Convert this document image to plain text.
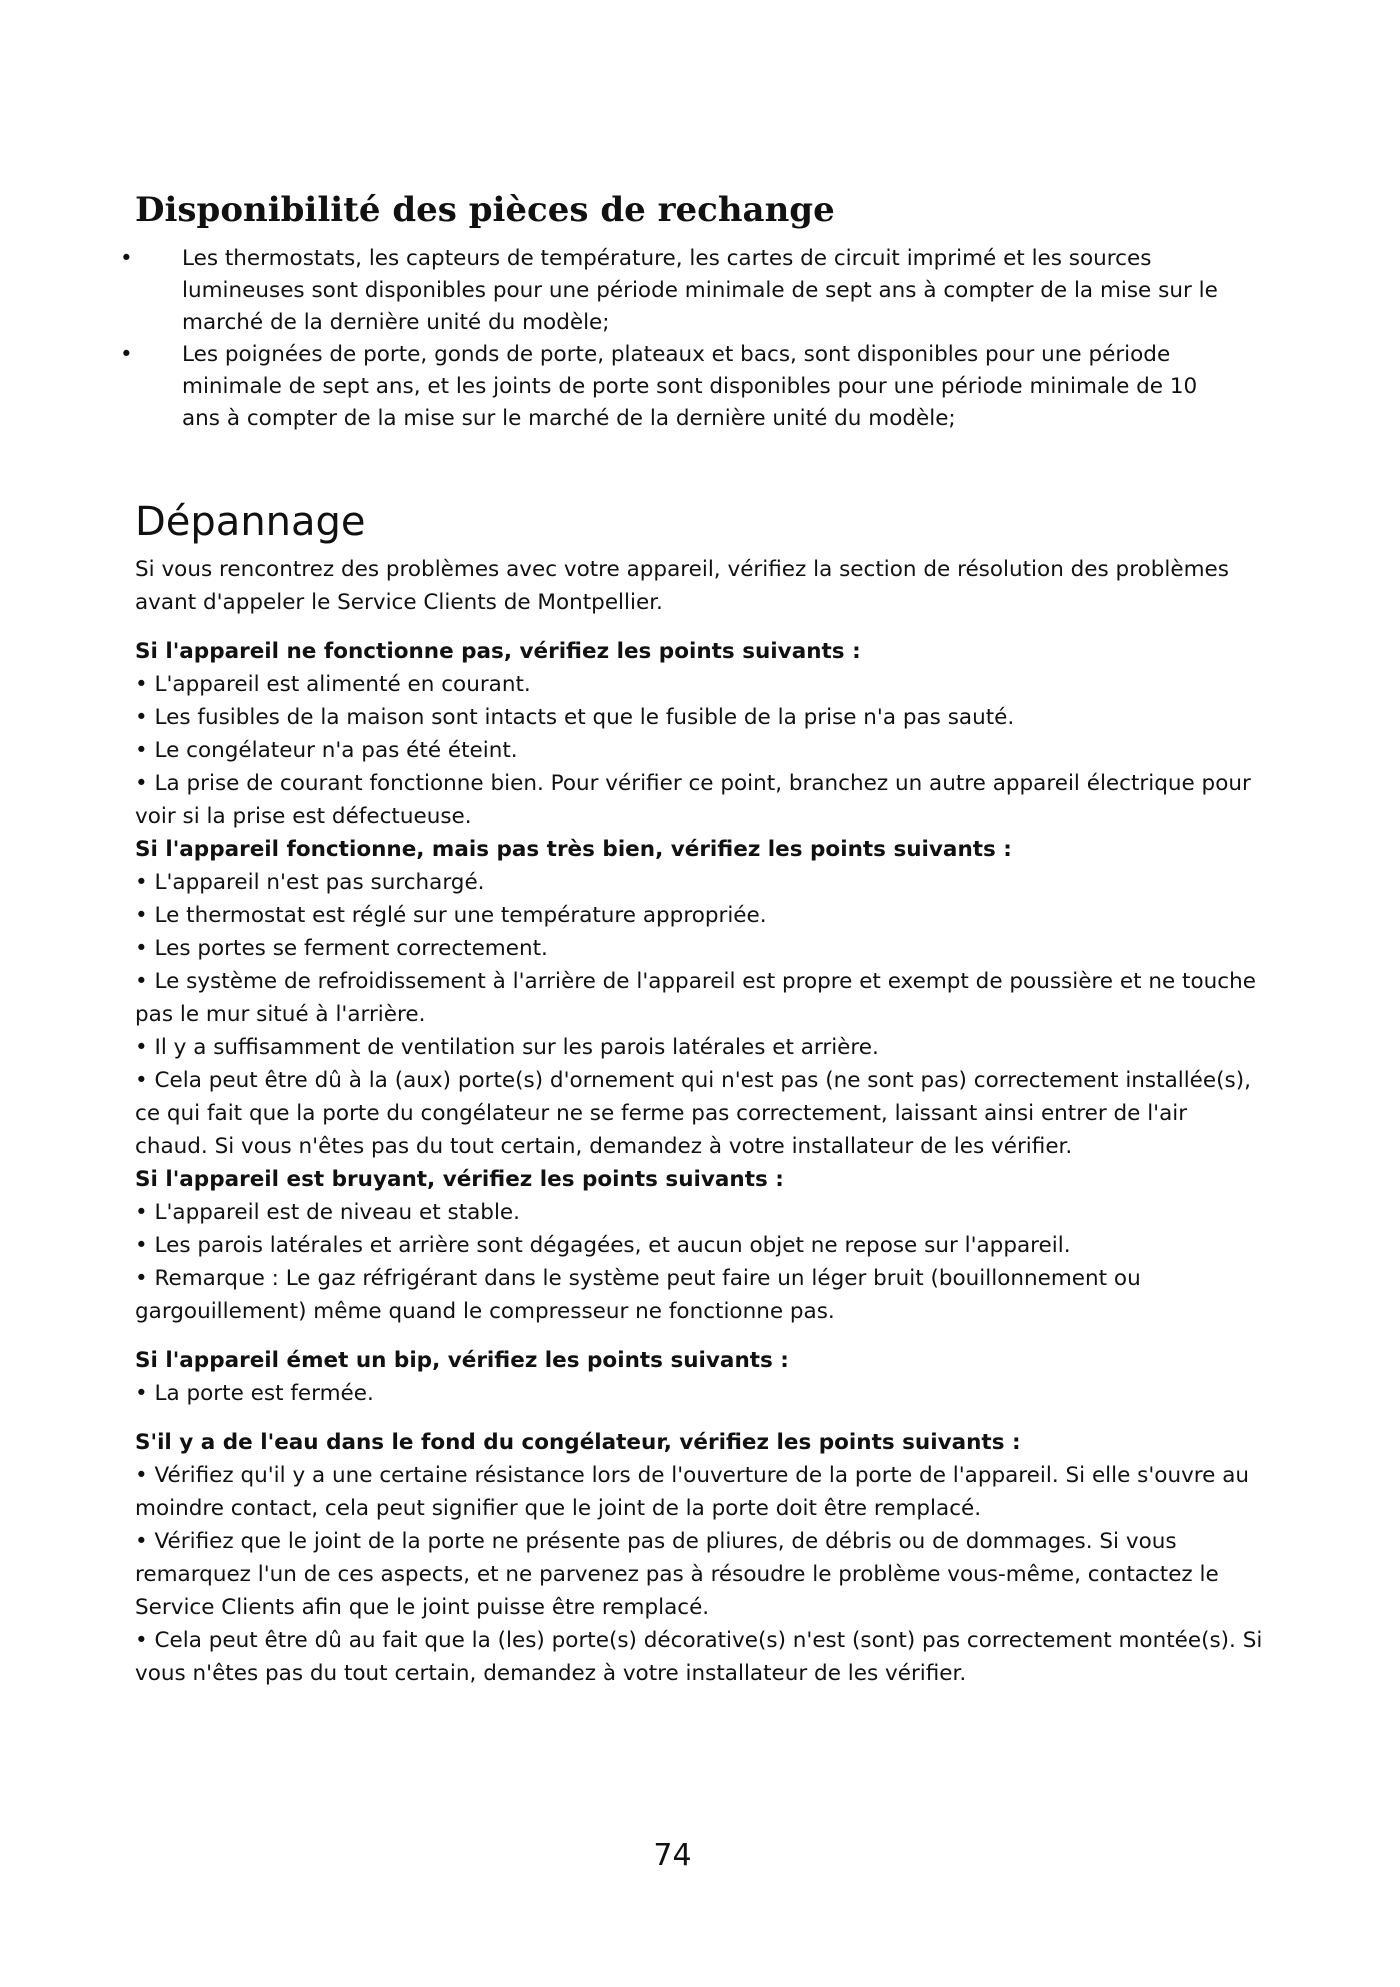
Disponibilité des pièces de rechange
• Les thermostats, les capteurs de température, les cartes de circuit imprimé et les sources lumineuses sont disponibles pour une période minimale de sept ans à compter de la mise sur le marché de la dernière unité du modèle;
• Les poignées de porte, gonds de porte, plateaux et bacs, sont disponibles pour une période minimale de sept ans, et les joints de porte sont disponibles pour une période minimale de 10 ans à compter de la mise sur le marché de la dernière unité du modèle;
Dépannage

Si vous rencontrez des problèmes avec votre appareil, vérifiez la section de résolution des problèmes avant d'appeler le Service Clients de Montpellier.

Si l'appareil ne fonctionne pas, vérifiez les points suivants :

• L'appareil est alimenté en courant.

• Les fusibles de la maison sont intacts et que le fusible de la prise n'a pas sauté.

• Le congélateur n'a pas été éteint.

• La prise de courant fonctionne bien. Pour vérifier ce point, branchez un autre appareil électrique pour voir si la prise est défectueuse.

Si l'appareil fonctionne, mais pas très bien, vérifiez les points suivants :

• L'appareil n'est pas surchargé.

• Le thermostat est réglé sur une température appropriée.

• Les portes se ferment correctement.

• Le système de refroidissement à l'arrière de l'appareil est propre et exempt de poussière et ne touche pas le mur situé à l'arrière.

• Il y a suffisamment de ventilation sur les parois latérales et arrière.

• Cela peut être dû à la (aux) porte(s) d'ornement qui n'est pas (ne sont pas) correctement installée(s), ce qui fait que la porte du congélateur ne se ferme pas correctement, laissant ainsi entrer de l'air chaud. Si vous n'êtes pas du tout certain, demandez à votre installateur de les vérifier.

Si l'appareil est bruyant, vérifiez les points suivants :

• L'appareil est de niveau et stable.

• Les parois latérales et arrière sont dégagées, et aucun objet ne repose sur l'appareil.

• Remarque : Le gaz réfrigérant dans le système peut faire un léger bruit (bouillonnement ou gargouillement) même quand le compresseur ne fonctionne pas.

Si l'appareil émet un bip, vérifiez les points suivants :

• La porte est fermée.

S'il y a de l'eau dans le fond du congélateur, vérifiez les points suivants :

• Vérifiez qu'il y a une certaine résistance lors de l'ouverture de la porte de l'appareil. Si elle s'ouvre au moindre contact, cela peut signifier que le joint de la porte doit être remplacé.

• Vérifiez que le joint de la porte ne présente pas de pliures, de débris ou de dommages. Si vous remarquez l'un de ces aspects, et ne parvenez pas à résoudre le problème vous-même, contactez le Service Clients afin que le joint puisse être remplacé.

• Cela peut être dû au fait que la (les) porte(s) décorative(s) n'est (sont) pas correctement montée(s). Si vous n'êtes pas du tout certain, demandez à votre installateur de les vérifier.

74
